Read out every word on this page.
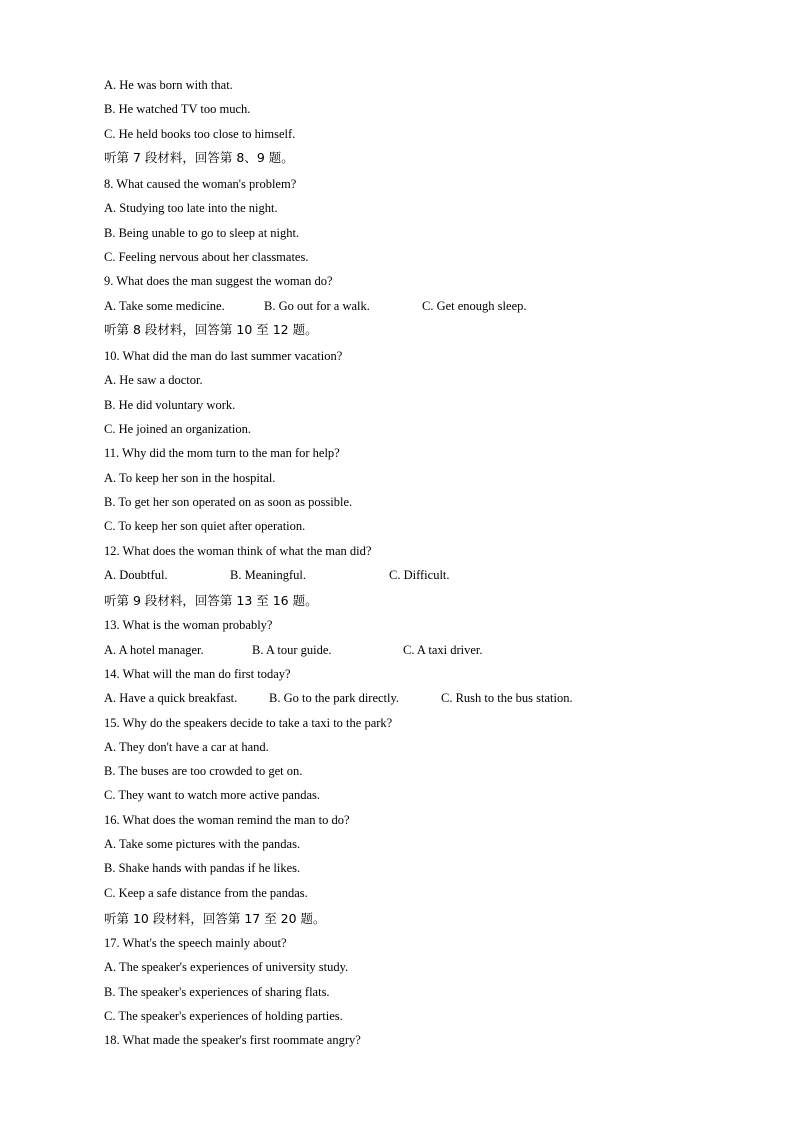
A. He was born with that.
B. He watched TV too much.
C. He held books too close to himself.
听第 7 段材料，回答第 8、9 题。
8. What caused the woman's problem?
A. Studying too late into the night.
B. Being unable to go to sleep at night.
C. Feeling nervous about her classmates.
9. What does the man suggest the woman do?
A. Take some medicine.	B. Go out for a walk.	C. Get enough sleep.
听第 8 段材料，回答第 10 至 12 题。
10. What did the man do last summer vacation?
A. He saw a doctor.
B. He did voluntary work.
C. He joined an organization.
11. Why did the mom turn to the man for help?
A. To keep her son in the hospital.
B. To get her son operated on as soon as possible.
C. To keep her son quiet after operation.
12. What does the woman think of what the man did?
A. Doubtful.	B. Meaningful.	C. Difficult.
听第 9 段材料，回答第 13 至 16 题。
13. What is the woman probably?
A. A hotel manager.	B. A tour guide.	C. A taxi driver.
14. What will the man do first today?
A. Have a quick breakfast.	B. Go to the park directly.	C. Rush to the bus station.
15. Why do the speakers decide to take a taxi to the park?
A. They don't have a car at hand.
B. The buses are too crowded to get on.
C. They want to watch more active pandas.
16. What does the woman remind the man to do?
A. Take some pictures with the pandas.
B. Shake hands with pandas if he likes.
C. Keep a safe distance from the pandas.
听第 10 段材料，回答第 17 至 20 题。
17. What's the speech mainly about?
A. The speaker's experiences of university study.
B. The speaker's experiences of sharing flats.
C. The speaker's experiences of holding parties.
18. What made the speaker's first roommate angry?
